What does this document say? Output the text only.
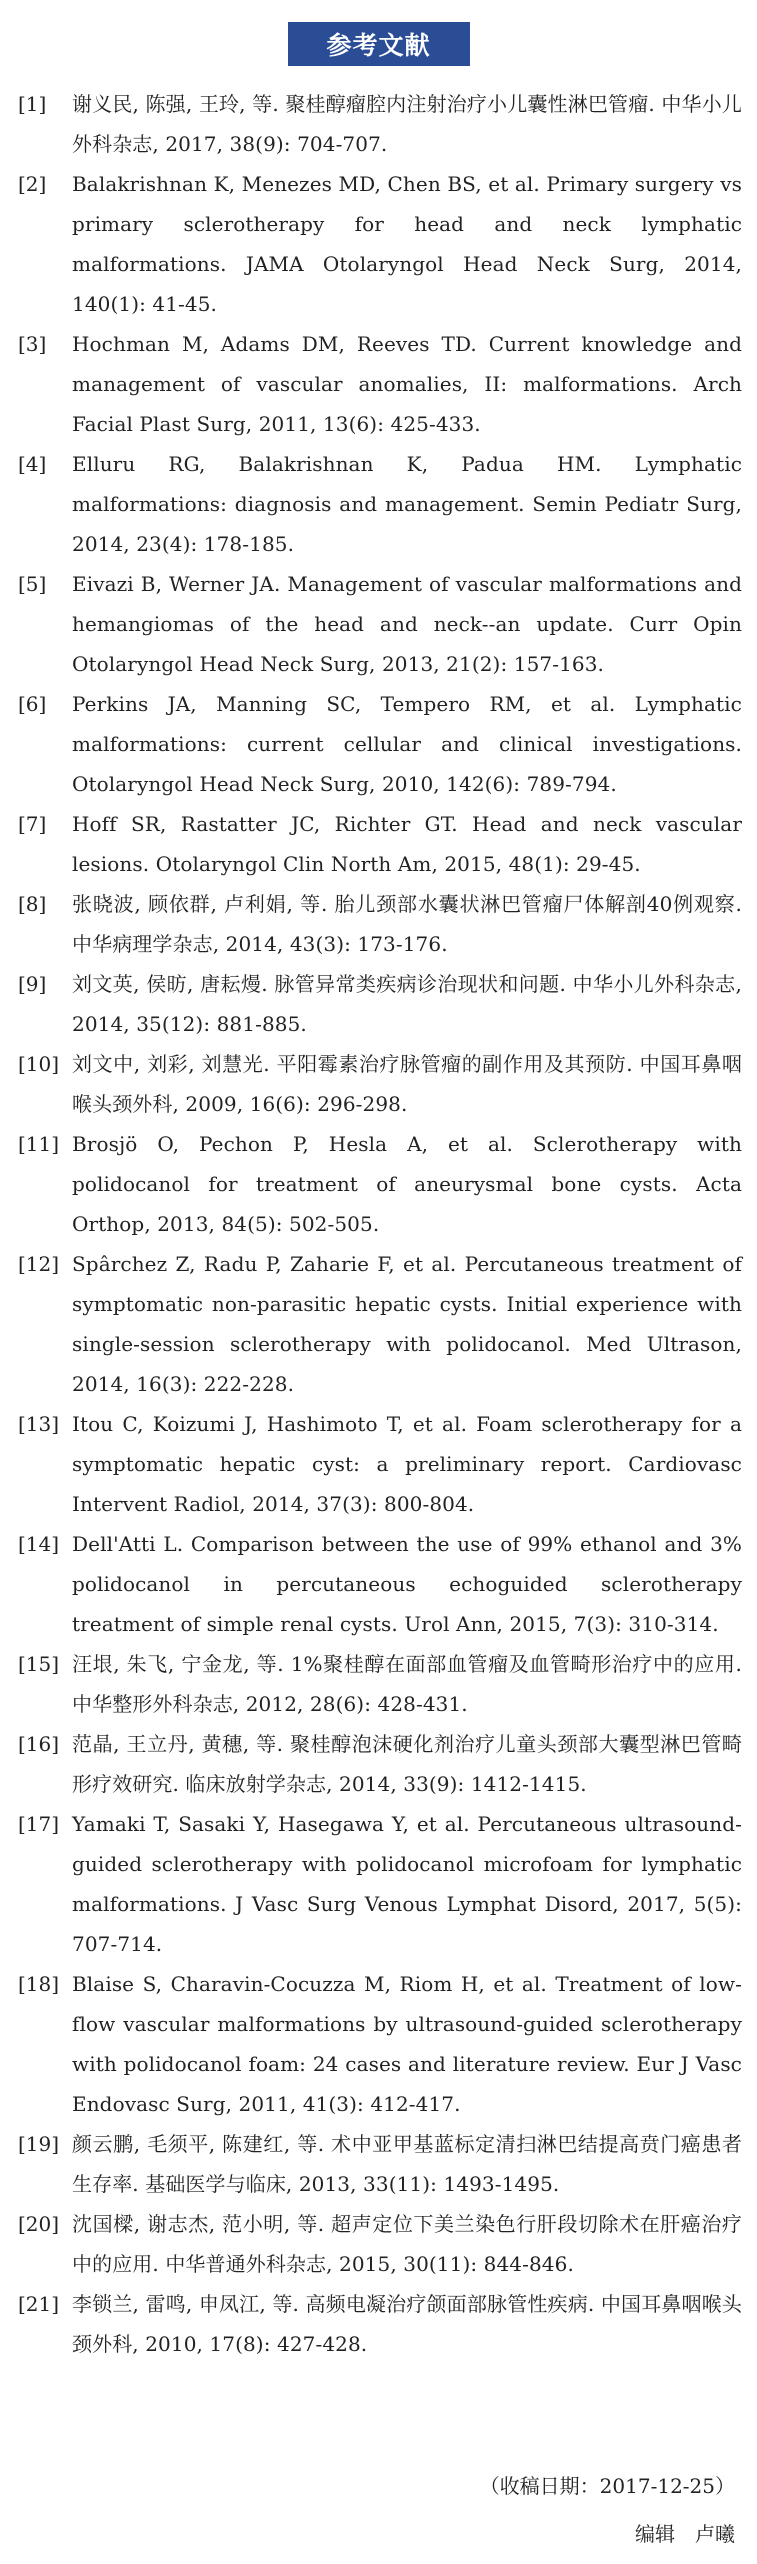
参考文献
[1]	谢义民, 陈强, 王玲, 等. 聚桂醇瘤腔内注射治疗小儿囊性淋巴管瘤. 中华小儿外科杂志, 2017, 38(9): 704-707.
[2]	Balakrishnan K, Menezes MD, Chen BS, et al. Primary surgery vs primary sclerotherapy for head and neck lymphatic malformations. JAMA Otolaryngol Head Neck Surg, 2014, 140(1): 41-45.
[3]	Hochman M, Adams DM, Reeves TD. Current knowledge and management of vascular anomalies, II: malformations. Arch Facial Plast Surg, 2011, 13(6): 425-433.
[4]	Elluru RG, Balakrishnan K, Padua HM. Lymphatic malformations: diagnosis and management. Semin Pediatr Surg, 2014, 23(4): 178-185.
[5]	Eivazi B, Werner JA. Management of vascular malformations and hemangiomas of the head and neck--an update. Curr Opin Otolaryngol Head Neck Surg, 2013, 21(2): 157-163.
[6]	Perkins JA, Manning SC, Tempero RM, et al. Lymphatic malformations: current cellular and clinical investigations. Otolaryngol Head Neck Surg, 2010, 142(6): 789-794.
[7]	Hoff SR, Rastatter JC, Richter GT. Head and neck vascular lesions. Otolaryngol Clin North Am, 2015, 48(1): 29-45.
[8]	张晓波, 顾依群, 卢利娟, 等. 胎儿颈部水囊状淋巴管瘤尸体解剖40例观察. 中华病理学杂志, 2014, 43(3): 173-176.
[9]	刘文英, 侯昉, 唐耘熳. 脉管异常类疾病诊治现状和问题. 中华小儿外科杂志, 2014, 35(12): 881-885.
[10] 刘文中, 刘彩, 刘慧光. 平阳霉素治疗脉管瘤的副作用及其预防. 中国耳鼻咽喉头颈外科, 2009, 16(6): 296-298.
[11] Brosjö O, Pechon P, Hesla A, et al. Sclerotherapy with polidocanol for treatment of aneurysmal bone cysts. Acta Orthop, 2013, 84(5): 502-505.
[12] Spârchez Z, Radu P, Zaharie F, et al. Percutaneous treatment of symptomatic non-parasitic hepatic cysts. Initial experience with single-session sclerotherapy with polidocanol. Med Ultrason, 2014, 16(3): 222-228.
[13] Itou C, Koizumi J, Hashimoto T, et al. Foam sclerotherapy for a symptomatic hepatic cyst: a preliminary report. Cardiovasc Intervent Radiol, 2014, 37(3): 800-804.
[14] Dell'Atti L. Comparison between the use of 99% ethanol and 3% polidocanol in percutaneous echoguided sclerotherapy treatment of simple renal cysts. Urol Ann, 2015, 7(3): 310-314.
[15] 汪垠, 朱飞, 宁金龙, 等. 1%聚桂醇在面部血管瘤及血管畸形治疗中的应用. 中华整形外科杂志, 2012, 28(6): 428-431.
[16] 范晶, 王立丹, 黄穗, 等. 聚桂醇泡沫硬化剂治疗儿童头颈部大囊型淋巴管畸形疗效研究. 临床放射学杂志, 2014, 33(9): 1412-1415.
[17] Yamaki T, Sasaki Y, Hasegawa Y, et al. Percutaneous ultrasound-guided sclerotherapy with polidocanol microfoam for lymphatic malformations. J Vasc Surg Venous Lymphat Disord, 2017, 5(5): 707-714.
[18] Blaise S, Charavin-Cocuzza M, Riom H, et al. Treatment of low-flow vascular malformations by ultrasound-guided sclerotherapy with polidocanol foam: 24 cases and literature review. Eur J Vasc Endovasc Surg, 2011, 41(3): 412-417.
[19] 颜云鹏, 毛须平, 陈建红, 等. 术中亚甲基蓝标定清扫淋巴结提高贲门癌患者生存率. 基础医学与临床, 2013, 33(11): 1493-1495.
[20] 沈国樑, 谢志杰, 范小明, 等. 超声定位下美兰染色行肝段切除术在肝癌治疗中的应用. 中华普通外科杂志, 2015, 30(11): 844-846.
[21] 李锁兰, 雷鸣, 申凤江, 等. 高频电凝治疗颌面部脉管性疾病. 中国耳鼻咽喉头颈外科, 2010, 17(8): 427-428.
（收稿日期：2017-12-25）
编辑　卢曦
